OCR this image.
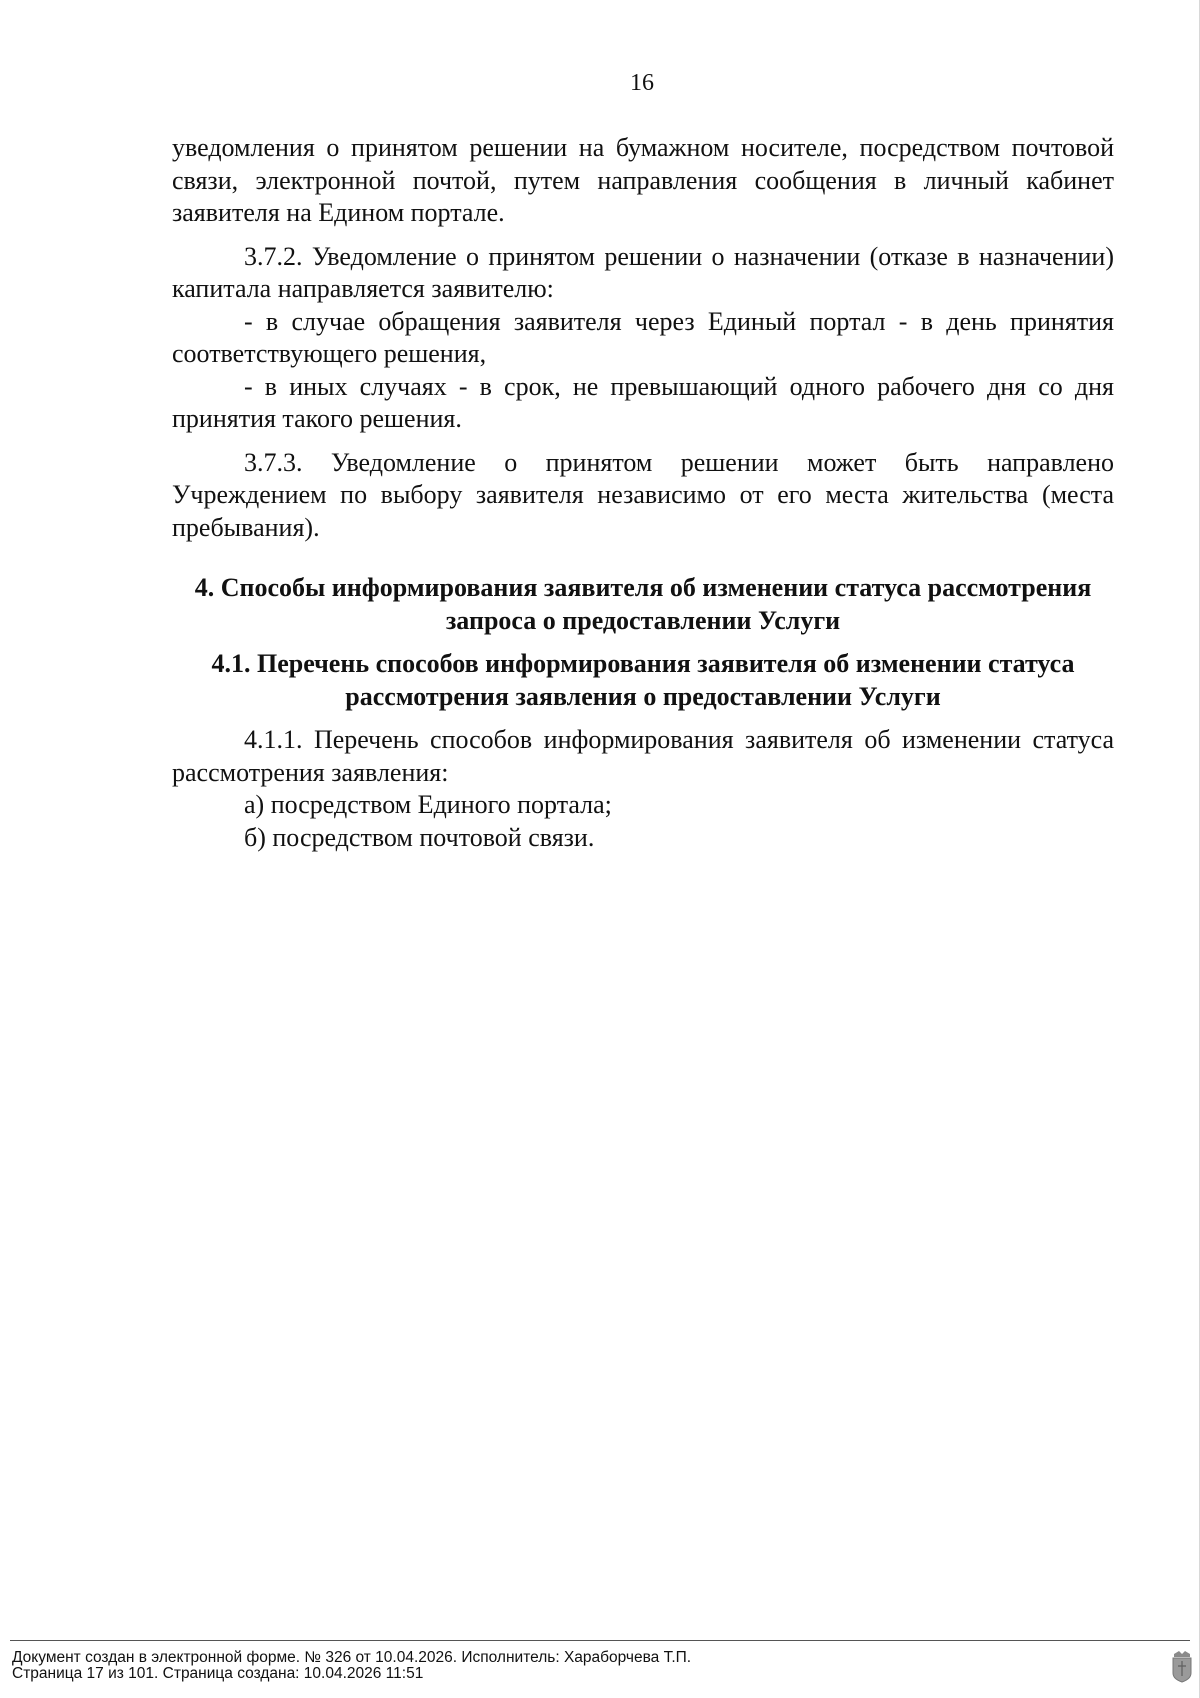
16

уведомления о принятом решении на бумажном носителе, посредством почтовой связи, электронной почтой, путем направления сообщения в личный кабинет заявителя на Едином портале.

3.7.2. Уведомление о принятом решении о назначении (отказе в назначении) капитала направляется заявителю:

- в случае обращения заявителя через Единый портал - в день принятия соответствующего решения,

- в иных случаях - в срок, не превышающий одного рабочего дня со дня принятия такого решения.

3.7.3. Уведомление о принятом решении может быть направлено Учреждением по выбору заявителя независимо от его места жительства (места пребывания).

4. Способы информирования заявителя об изменении статуса рассмотрения запроса о предоставлении Услуги

4.1. Перечень способов информирования заявителя об изменении статуса рассмотрения заявления о предоставлении Услуги

4.1.1. Перечень способов информирования заявителя об изменении статуса рассмотрения заявления:

а) посредством Единого портала;

б) посредством почтовой связи.

Документ создан в электронной форме. № 326 от 10.04.2026. Исполнитель: Хараборчева Т.П.
Страница 17 из 101. Страница создана: 10.04.2026 11:51
